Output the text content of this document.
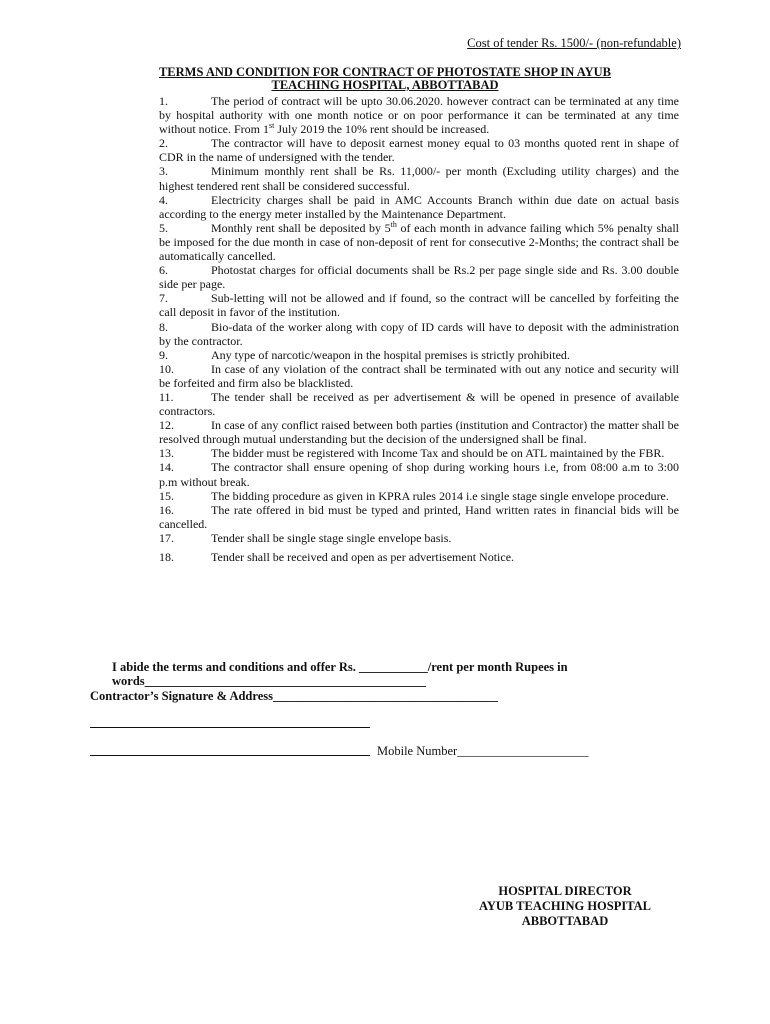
Cost of tender Rs. 1500/- (non-refundable)
TERMS AND CONDITION FOR CONTRACT OF PHOTOSTATE SHOP IN AYUB
TEACHING HOSPITAL, ABBOTTABAD

1.	The period of contract will be upto 30.06.2020. however contract can be terminated at any time by hospital authority with one month notice or on poor performance it can be terminated at any time without notice. From 1st July 2019 the 10% rent should be increased.

2.	The contractor will have to deposit earnest money equal to 03 months quoted rent in shape of CDR in the name of undersigned with the tender.

3.	Minimum monthly rent shall be Rs. 11,000/- per month (Excluding utility charges) and the highest tendered rent shall be considered successful.

4.	Electricity charges shall be paid in AMC Accounts Branch within due date on actual basis according to the energy meter installed by the Maintenance Department.

5.	Monthly rent shall be deposited by 5th of each month in advance failing which 5% penalty shall be imposed for the due month in case of non-deposit of rent for consecutive 2-Months; the contract shall be automatically cancelled.

6.	Photostat charges for official documents shall be Rs.2 per page single side and Rs. 3.00 double side per page.

7.	Sub-letting will not be allowed and if found, so the contract will be cancelled by forfeiting the call deposit in favor of the institution.

8.	Bio-data of the worker along with copy of ID cards will have to deposit with the administration by the contractor.

9.	Any type of narcotic/weapon in the hospital premises is strictly prohibited.

10.	In case of any violation of the contract shall be terminated with out any notice and security will be forfeited and firm also be blacklisted.

11.	The tender shall be received as per advertisement & will be opened in presence of available contractors.

12.	In case of any conflict raised between both parties (institution and Contractor) the matter shall be resolved through mutual understanding but the decision of the undersigned shall be final.

13.	The bidder must be registered with Income Tax and should be on ATL maintained by the FBR.

14.	The contractor shall ensure opening of shop during working hours i.e, from 08:00 a.m to 3:00 p.m without break.

15.	The bidding procedure as given in KPRA rules 2014 i.e single stage single envelope procedure.

16.	The rate offered in bid must be typed and printed, Hand written rates in financial bids will be cancelled.

17.	Tender shall be single stage single envelope basis.

18.	Tender shall be received and open as per advertisement Notice.

I abide the terms and conditions and offer Rs. ___________/rent per month Rupees in
words_____________________________________________
Contractor’s Signature & Address____________________________________
Mobile Number_____________________
HOSPITAL DIRECTOR
AYUB TEACHING HOSPITAL
ABBOTTABAD
